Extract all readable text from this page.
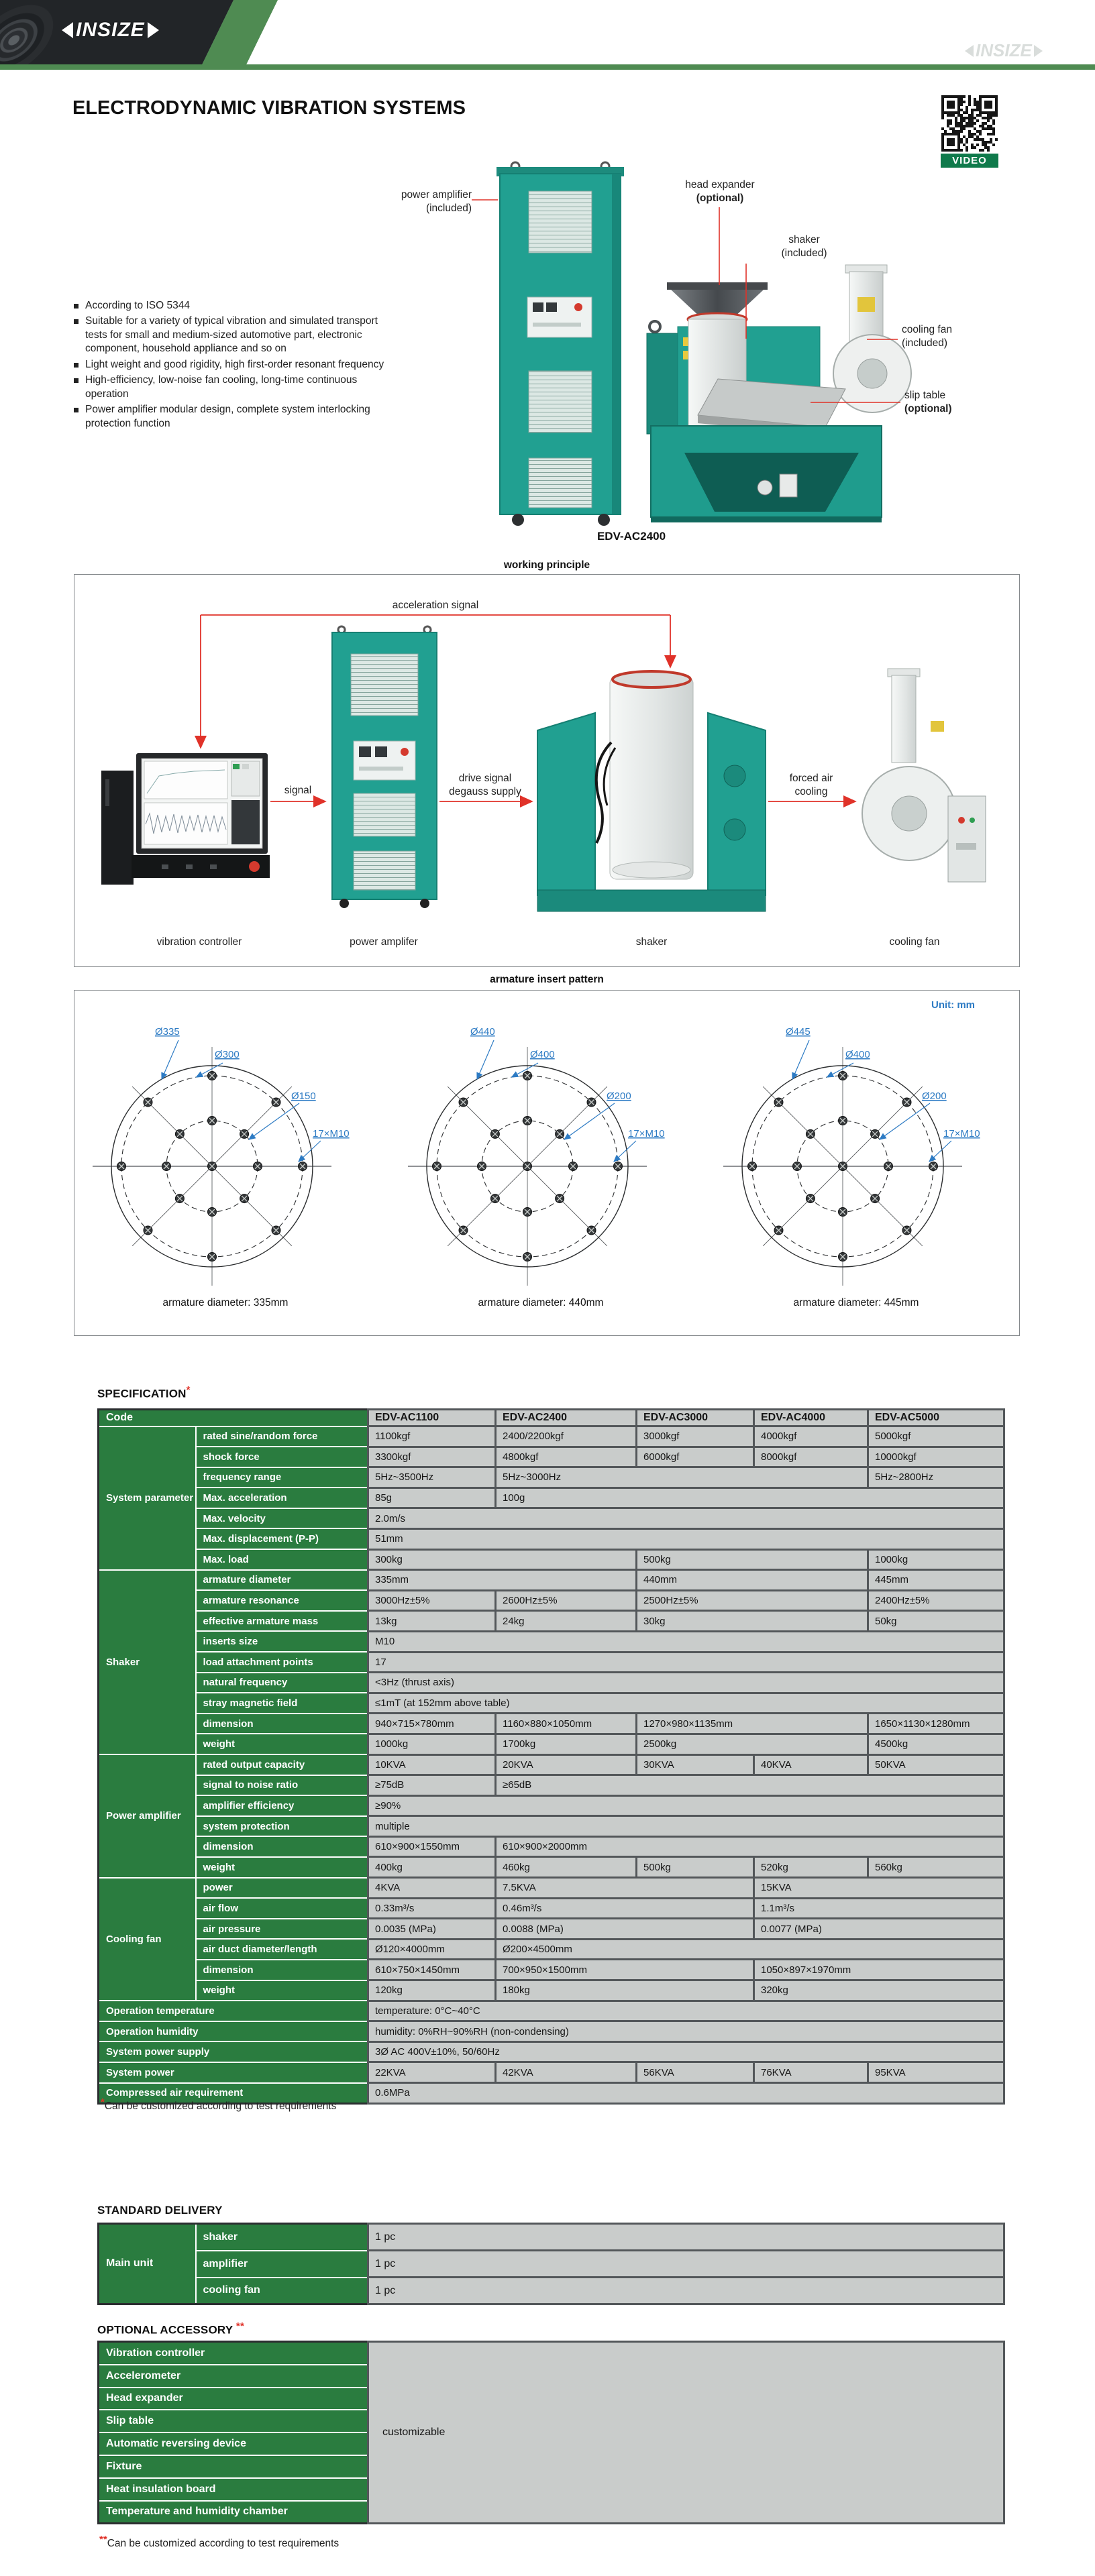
INSIZE
INSIZE
ELECTRODYNAMIC VIBRATION SYSTEMS
VIDEO
According to ISO 5344
Suitable for a variety of typical vibration and simulated transport tests for small and medium-sized automotive part, electronic component, household appliance and so on
Light weight and good rigidity, high first-order resonant frequency
High-efficiency, low-noise fan cooling, long-time continuous operation
Power amplifier modular design, complete system interlocking protection function
power amplifier
(included)
head expander
(optional)
shaker
(included)
cooling fan
(included)
slip table
(optional)
EDV-AC2400
working principle
acceleration signal
signal
drive signal
degauss supply
forced air
cooling
vibration controller	power amplifer	shaker	cooling fan
armature insert pattern
Ø335
Ø300
Ø150
17×M10
armature diameter: 335mm
Ø440
Ø400
Ø200
17×M10
armature diameter: 440mm
Ø445
Ø400
Ø200
17×M10
armature diameter: 445mm
Unit: mm
SPECIFICATION*
Code		EDV-AC1100	EDV-AC2400	EDV-AC3000	EDV-AC4000	EDV-AC5000
System parameter	rated sine/random force	1100kgf	2400/2200kgf	3000kgf	4000kgf	5000kgf
	shock force	3300kgf	4800kgf	6000kgf	8000kgf	10000kgf
	frequency range	5Hz~3500Hz	5Hz~3000Hz			5Hz~2800Hz
	Max. acceleration	85g	100g			
	Max. velocity	2.0m/s				
	Max. displacement (P-P)	51mm				
	Max. load	300kg		500kg		1000kg
Shaker	armature diameter	335mm		440mm		445mm
	armature resonance	3000Hz±5%	2600Hz±5%	2500Hz±5%		2400Hz±5%
	effective armature mass	13kg	24kg	30kg		50kg
	inserts size	M10				
	load attachment points	17				
	natural frequency	<3Hz (thrust axis)				
	stray magnetic field	≤1mT (at 152mm above table)				
	dimension	940×715×780mm	1160×880×1050mm	1270×980×1135mm		1650×1130×1280mm
	weight	1000kg	1700kg	2500kg		4500kg
Power amplifier	rated output capacity	10KVA	20KVA	30KVA	40KVA	50KVA
	signal to noise ratio	≥75dB	≥65dB			
	amplifier efficiency	≥90%				
	system protection	multiple				
	dimension	610×900×1550mm	610×900×2000mm			
	weight	400kg	460kg	500kg	520kg	560kg
Cooling fan	power	4KVA	7.5KVA		15KVA	
	air flow	0.33m³/s	0.46m³/s		1.1m³/s	
	air pressure	0.0035 (MPa)	0.0088 (MPa)		0.0077 (MPa)	
	air duct diameter/length	Ø120×4000mm	Ø200×4500mm			
	dimension	610×750×1450mm	700×950×1500mm		1050×897×1970mm	
	weight	120kg	180kg		320kg	
Operation temperature		temperature: 0°C~40°C				
Operation humidity		humidity: 0%RH~90%RH (non-condensing)				
System power supply		3Ø AC 400V±10%, 50/60Hz				
System power		22KVA	42KVA	56KVA	76KVA	95KVA
Compressed air requirement		0.6MPa				
*Can be customized according to test requirements
STANDARD DELIVERY
Main unit	shaker	1 pc
	amplifier	1 pc
	cooling fan	1 pc
OPTIONAL ACCESSORY **
Vibration controller	customizable
Accelerometer
Head expander
Slip table
Automatic reversing device
Fixture
Heat insulation board
Temperature and humidity chamber
**Can be customized according to test requirements
